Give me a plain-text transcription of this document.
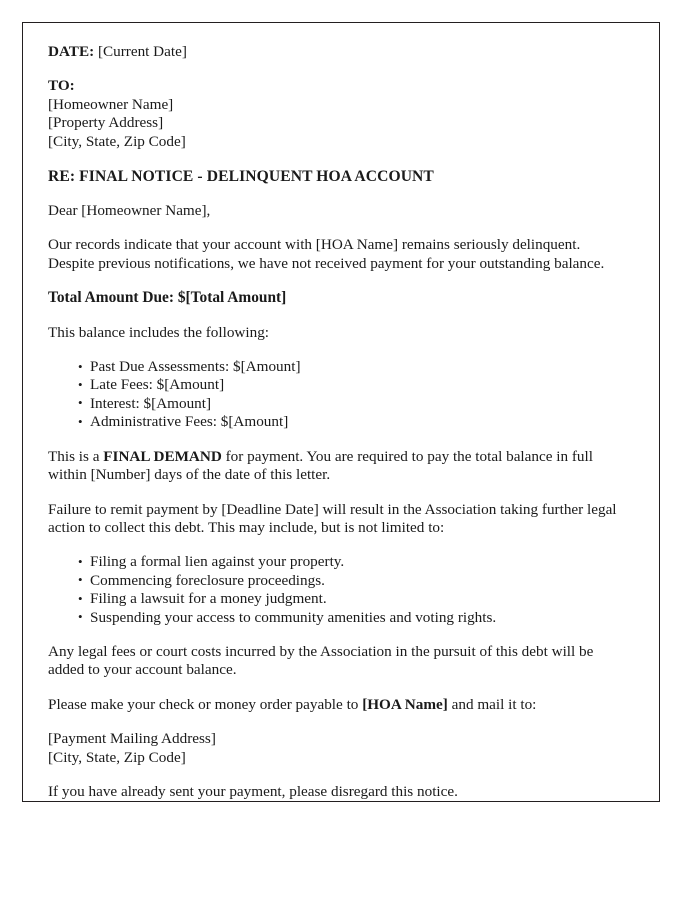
DATE: [Current Date]
TO:
[Homeowner Name]
[Property Address]
[City, State, Zip Code]
RE: FINAL NOTICE - DELINQUENT HOA ACCOUNT
Dear [Homeowner Name],
Our records indicate that your account with [HOA Name] remains seriously delinquent. Despite previous notifications, we have not received payment for your outstanding balance.
Total Amount Due: $[Total Amount]
This balance includes the following:
• Past Due Assessments: $[Amount]
• Late Fees: $[Amount]
• Interest: $[Amount]
• Administrative Fees: $[Amount]
This is a FINAL DEMAND for payment. You are required to pay the total balance in full within [Number] days of the date of this letter.
Failure to remit payment by [Deadline Date] will result in the Association taking further legal action to collect this debt. This may include, but is not limited to:
• Filing a formal lien against your property.
• Commencing foreclosure proceedings.
• Filing a lawsuit for a money judgment.
• Suspending your access to community amenities and voting rights.
Any legal fees or court costs incurred by the Association in the pursuit of this debt will be added to your account balance.
Please make your check or money order payable to [HOA Name] and mail it to:
[Payment Mailing Address]
[City, State, Zip Code]
If you have already sent your payment, please disregard this notice.
